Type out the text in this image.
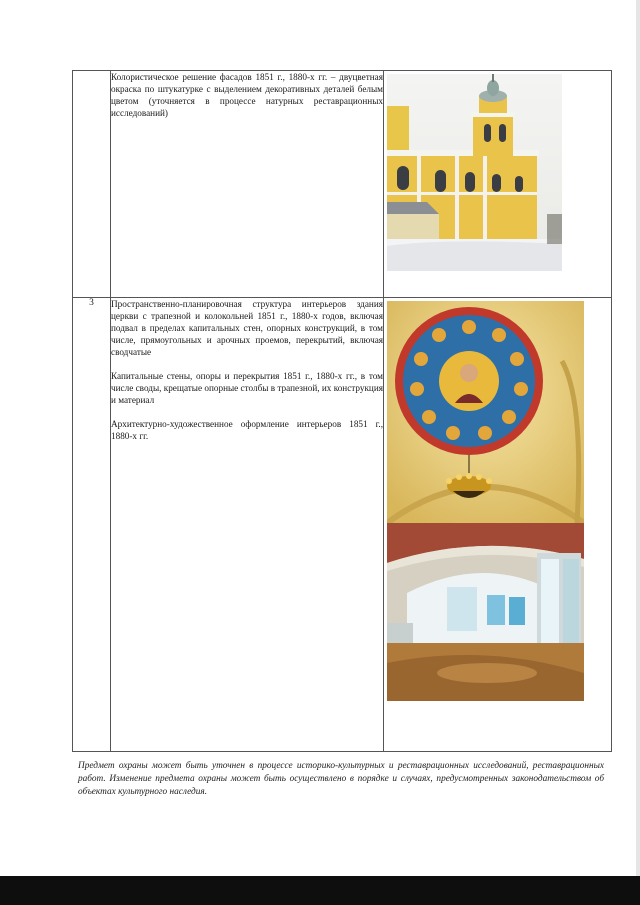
	Колористическое решение фасадов 1851 г., 1880-х гг. – двуцветная окраска по штукатурке с выделением декоративных деталей белым цветом (уточняется в процессе натурных реставрационных исследований)

3	Пространственно-планировочная структура интерьеров здания церкви с трапезной и колокольней 1851 г., 1880-х годов, включая подвал в пределах капитальных стен, опорных конструкций, в том числе, прямоугольных и арочных проемов, перекрытий, включая сводчатые

Капитальные стены, опоры и перекрытия 1851 г., 1880-х гг., в том числе своды, крещатые опорные столбы в трапезной, их конструкция и материал

Архитектурно-художественное оформление интерьеров 1851 г., 1880-х гг.

Предмет охраны может быть уточнен в процессе историко-культурных и реставрационных исследований, реставрационных работ. Изменение предмета охраны может быть осуществлено в порядке и случаях, предусмотренных законодательством об объектах культурного наследия.
